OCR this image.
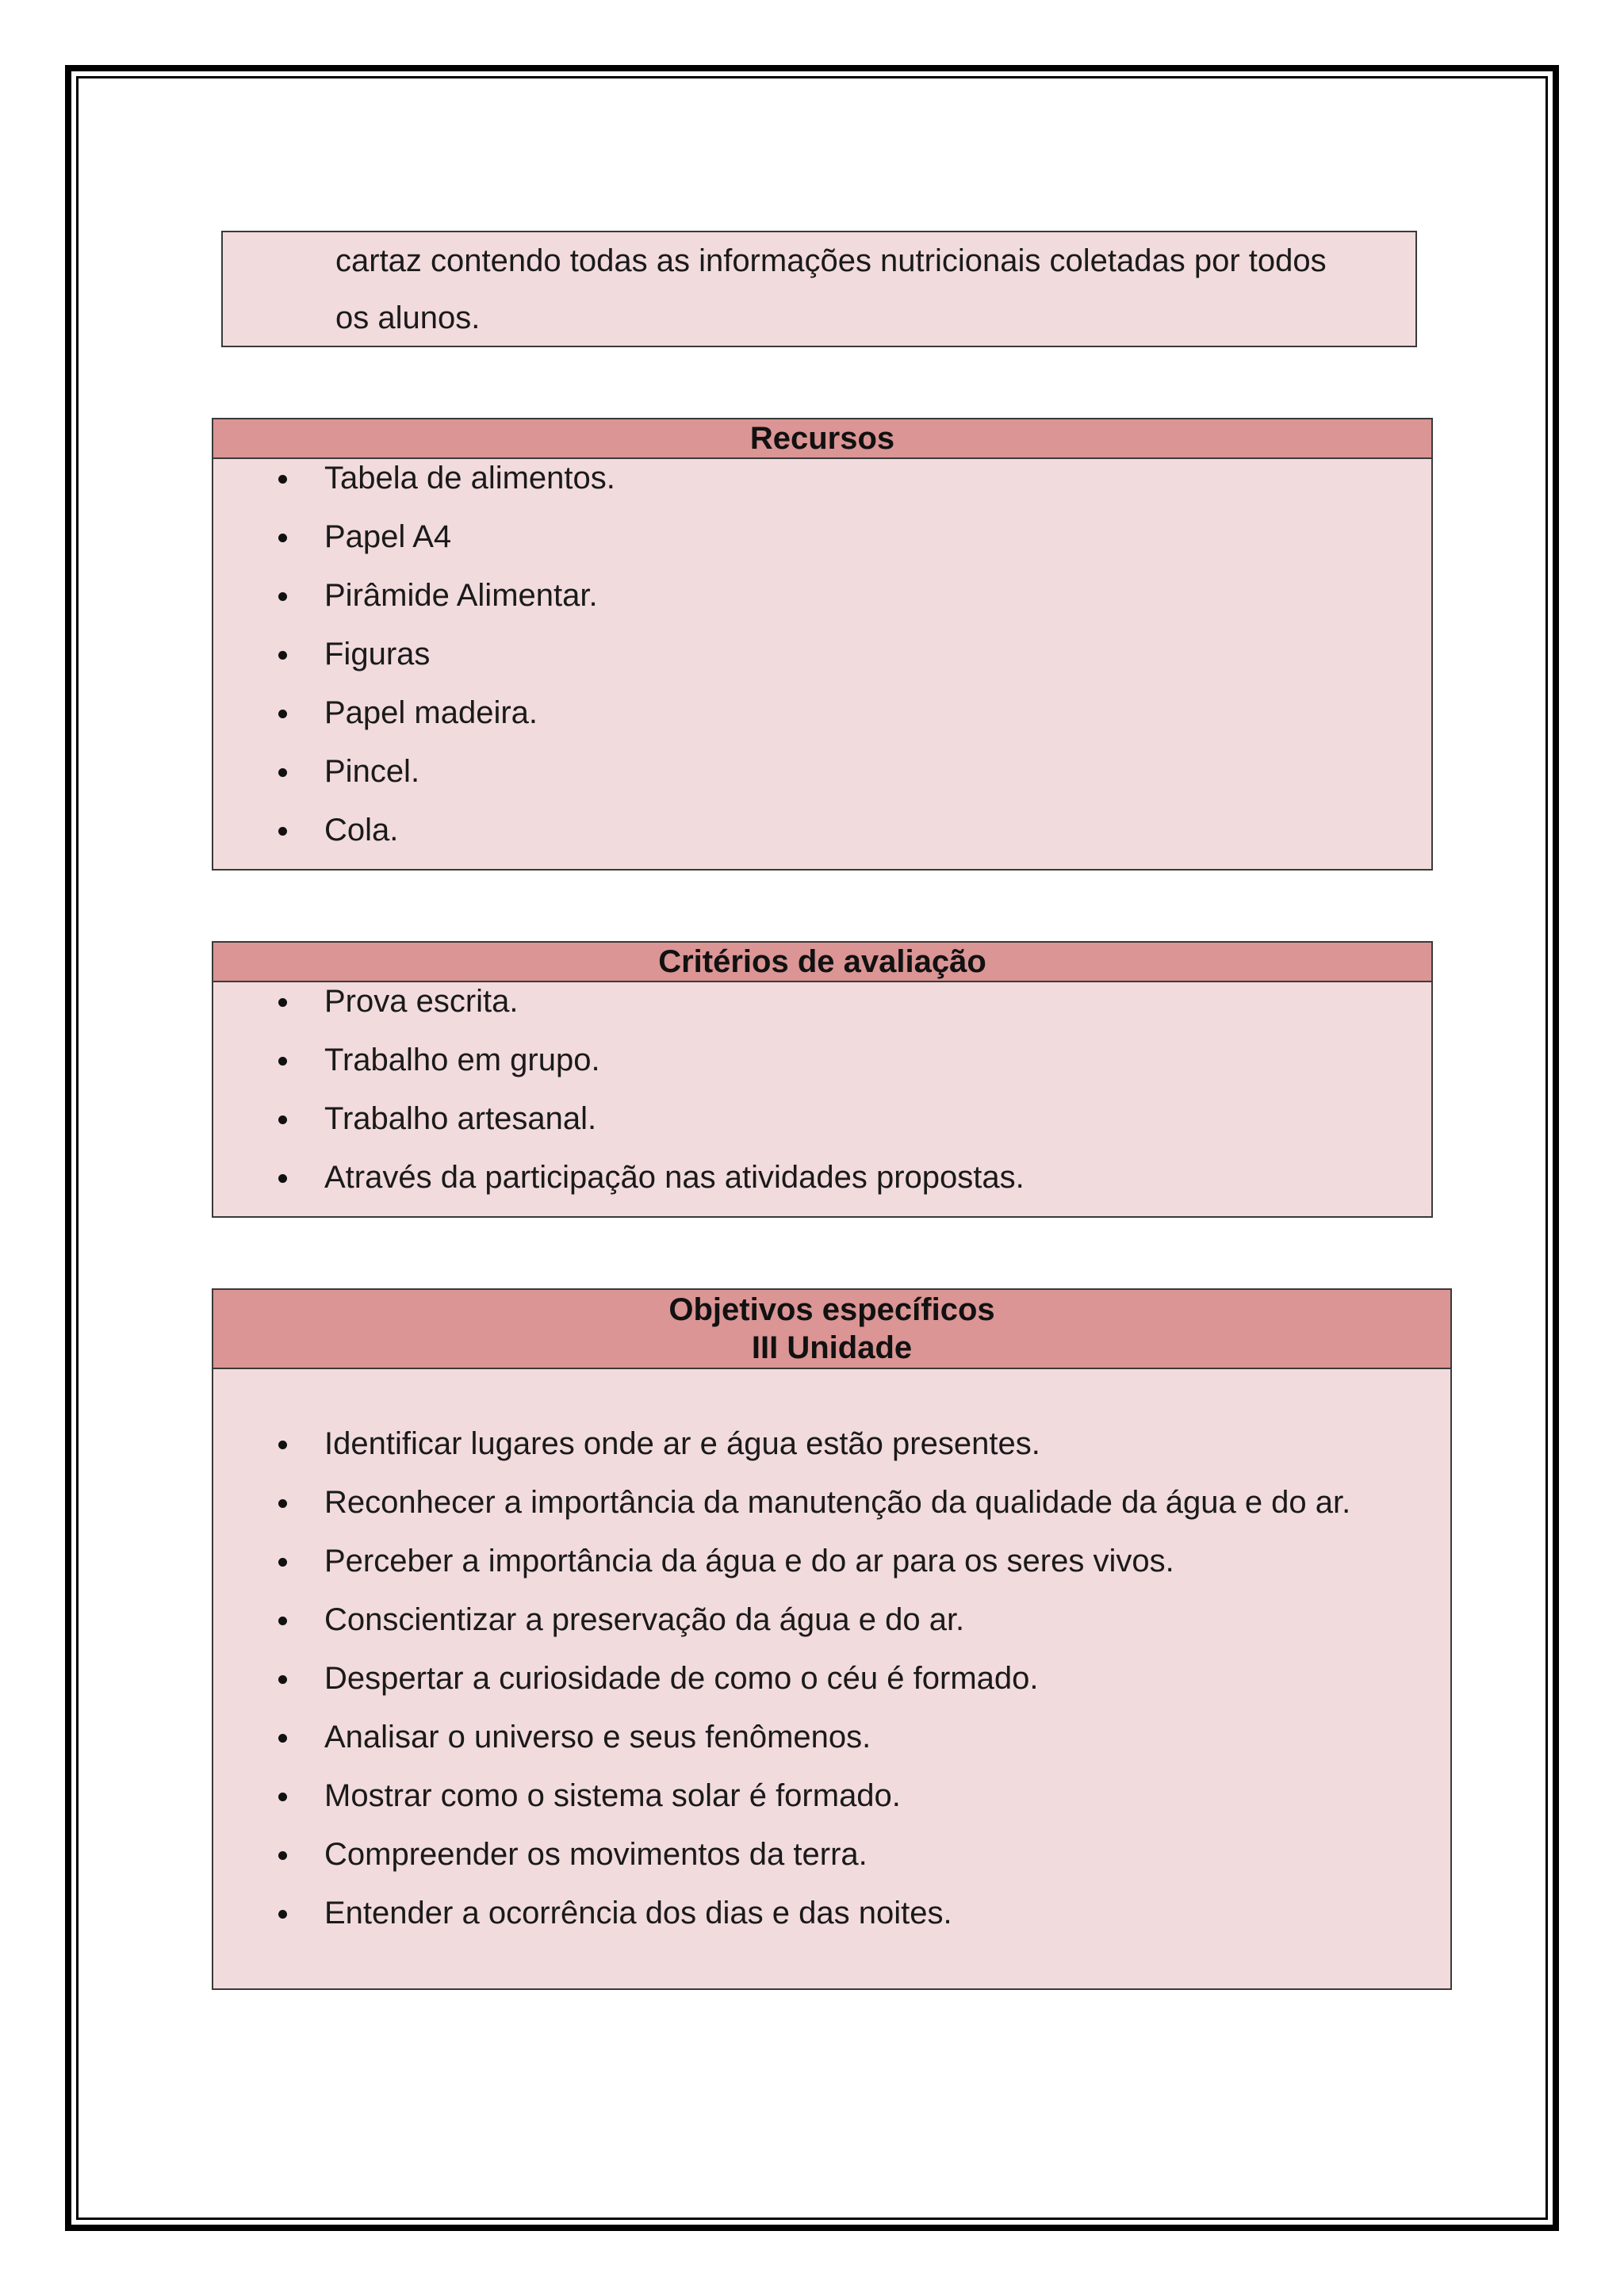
cartaz contendo todas as informações nutricionais coletadas por todos
os alunos.
Recursos
Tabela de alimentos.
Papel A4
Pirâmide Alimentar.
Figuras
Papel madeira.
Pincel.
Cola.
Critérios de avaliação
Prova escrita.
Trabalho em grupo.
Trabalho artesanal.
Através da participação nas atividades propostas.
Objetivos específicos
III Unidade
Identificar lugares onde ar e água estão presentes.
Reconhecer a importância da manutenção da qualidade da água e do ar.
Perceber a importância da água e do ar para os seres vivos.
Conscientizar a preservação da água e do ar.
Despertar a curiosidade de como o céu é formado.
Analisar o universo e seus fenômenos.
Mostrar como o sistema solar é formado.
Compreender os movimentos da terra.
Entender a ocorrência dos dias e das noites.
